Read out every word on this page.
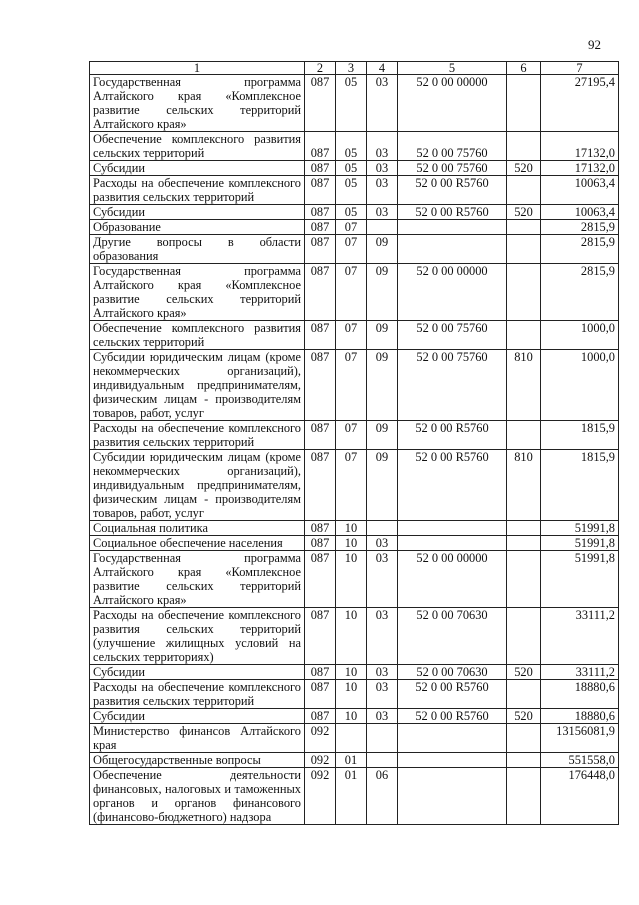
92
1	2	3	4	5	6	7
Государственная программа Алтайского края «Комплексное развитие сельских территорий Алтайского края»	087	05	03	52 0 00 00000		27195,4
Обеспечение комплексного развития сельских территорий	087	05	03	52 0 00 75760		17132,0
Субсидии	087	05	03	52 0 00 75760	520	17132,0
Расходы на обеспечение комплексного развития сельских территорий	087	05	03	52 0 00 R5760		10063,4
Субсидии	087	05	03	52 0 00 R5760	520	10063,4
Образование	087	07				2815,9
Другие вопросы в области образования	087	07	09			2815,9
Государственная программа Алтайского края «Комплексное развитие сельских территорий Алтайского края»	087	07	09	52 0 00 00000		2815,9
Обеспечение комплексного развития сельских территорий	087	07	09	52 0 00 75760		1000,0
Субсидии юридическим лицам (кроме некоммерческих организаций), индивидуальным предпринимателям, физическим лицам - производителям товаров, работ, услуг	087	07	09	52 0 00 75760	810	1000,0
Расходы на обеспечение комплексного развития сельских территорий	087	07	09	52 0 00 R5760		1815,9
Субсидии юридическим лицам (кроме некоммерческих организаций), индивидуальным предпринимателям, физическим лицам - производителям товаров, работ, услуг	087	07	09	52 0 00 R5760	810	1815,9
Социальная политика	087	10				51991,8
Социальное обеспечение населения	087	10	03			51991,8
Государственная программа Алтайского края «Комплексное развитие сельских территорий Алтайского края»	087	10	03	52 0 00 00000		51991,8
Расходы на обеспечение комплексного развития сельских территорий (улучшение жилищных условий на сельских территориях)	087	10	03	52 0 00 70630		33111,2
Субсидии	087	10	03	52 0 00 70630	520	33111,2
Расходы на обеспечение комплексного развития сельских территорий	087	10	03	52 0 00 R5760		18880,6
Субсидии	087	10	03	52 0 00 R5760	520	18880,6
Министерство финансов Алтайского края	092					13156081,9
Общегосударственные вопросы	092	01				551558,0
Обеспечение деятельности финансовых, налоговых и таможенных органов и органов финансового (финансово-бюджетного) надзора	092	01	06			176448,0
